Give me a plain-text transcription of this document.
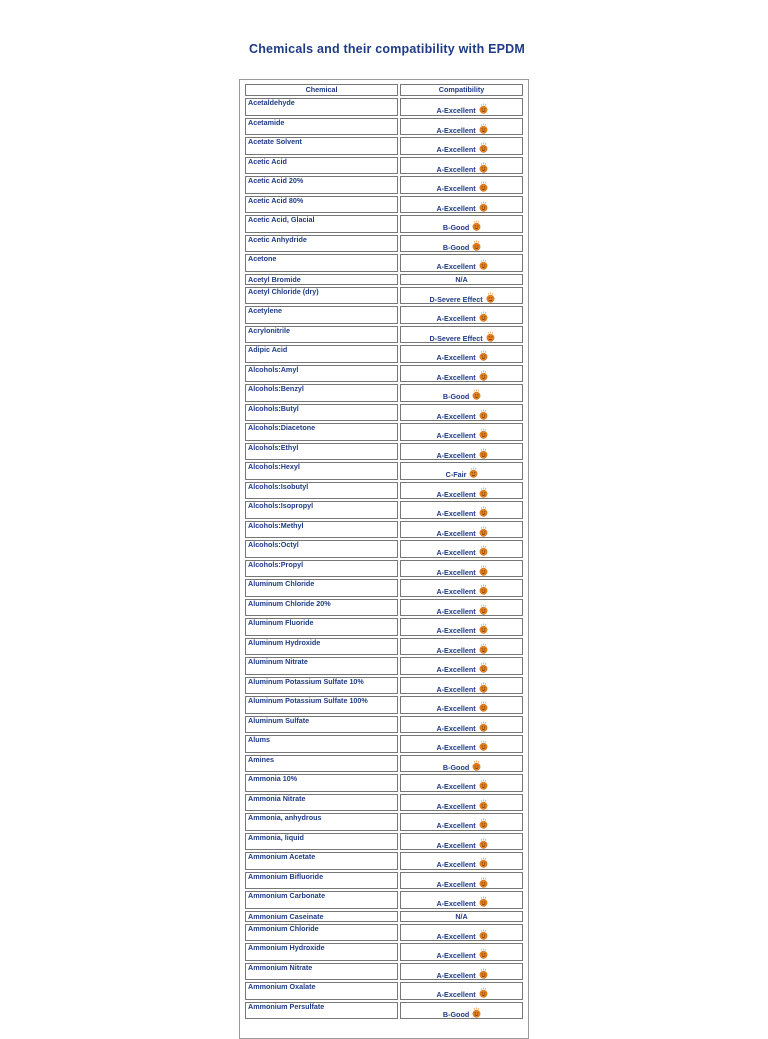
Chemicals and their compatibility with EPDM
Chemical	Compatibility
Acetaldehyde	A-Excellent

Acetamide	A-Excellent

Acetate Solvent	A-Excellent

Acetic Acid	A-Excellent

Acetic Acid 20%	A-Excellent

Acetic Acid 80%	A-Excellent

Acetic Acid, Glacial	B-Good

Acetic Anhydride	B-Good

Acetone	A-Excellent

Acetyl Bromide	N/A
Acetyl Chloride (dry)	D-Severe Effect

Acetylene	A-Excellent

Acrylonitrile	D-Severe Effect

Adipic Acid	A-Excellent

Alcohols:Amyl	A-Excellent

Alcohols:Benzyl	B-Good

Alcohols:Butyl	A-Excellent

Alcohols:Diacetone	A-Excellent

Alcohols:Ethyl	A-Excellent

Alcohols:Hexyl	C-Fair

Alcohols:Isobutyl	A-Excellent

Alcohols:Isopropyl	A-Excellent

Alcohols:Methyl	A-Excellent

Alcohols:Octyl	A-Excellent

Alcohols:Propyl	A-Excellent

Aluminum Chloride	A-Excellent

Aluminum Chloride 20%	A-Excellent

Aluminum Fluoride	A-Excellent

Aluminum Hydroxide	A-Excellent

Aluminum Nitrate	A-Excellent

Aluminum Potassium Sulfate 10%	A-Excellent

Aluminum Potassium Sulfate 100%	A-Excellent

Aluminum Sulfate	A-Excellent

Alums	A-Excellent

Amines	B-Good

Ammonia 10%	A-Excellent

Ammonia Nitrate	A-Excellent

Ammonia, anhydrous	A-Excellent

Ammonia, liquid	A-Excellent

Ammonium Acetate	A-Excellent

Ammonium Bifluoride	A-Excellent

Ammonium Carbonate	A-Excellent

Ammonium Caseinate	N/A
Ammonium Chloride	A-Excellent

Ammonium Hydroxide	A-Excellent

Ammonium Nitrate	A-Excellent

Ammonium Oxalate	A-Excellent

Ammonium Persulfate	B-Good
